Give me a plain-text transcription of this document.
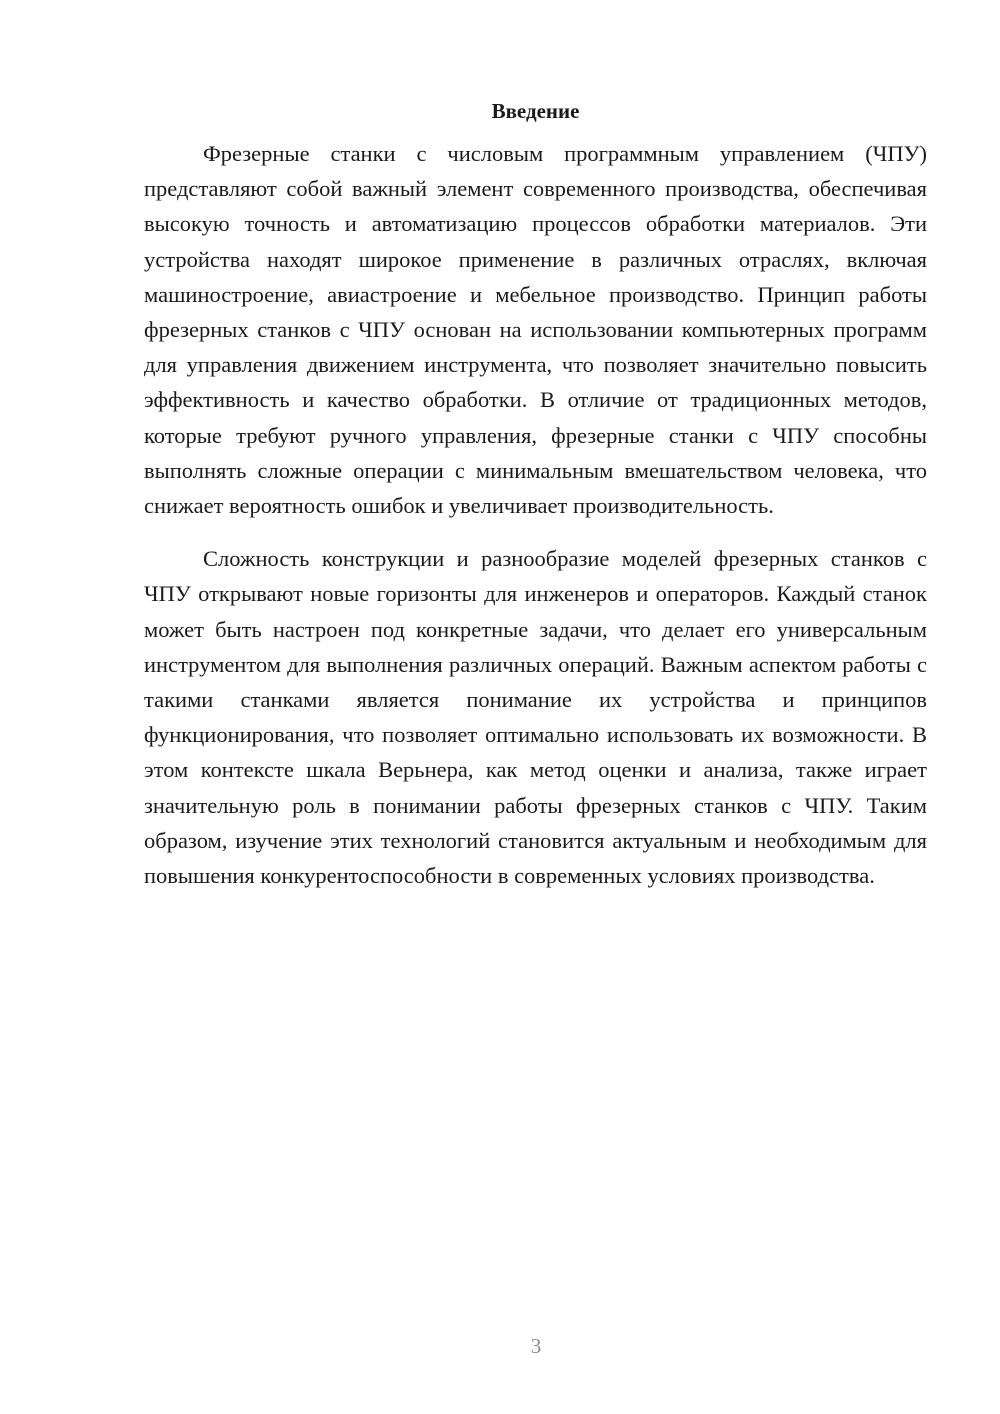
Введение

Фрезерные станки с числовым программным управлением (ЧПУ) представляют собой важный элемент современного производства, обеспечивая высокую точность и автоматизацию процессов обработки материалов. Эти устройства находят широкое применение в различных отраслях, включая машиностроение, авиастроение и мебельное производство. Принцип работы фрезерных станков с ЧПУ основан на использовании компьютерных программ для управления движением инструмента, что позволяет значительно повысить эффективность и качество обработки. В отличие от традиционных методов, которые требуют ручного управления, фрезерные станки с ЧПУ способны выполнять сложные операции с минимальным вмешательством человека, что снижает вероятность ошибок и увеличивает производительность.

Сложность конструкции и разнообразие моделей фрезерных станков с ЧПУ открывают новые горизонты для инженеров и операторов. Каждый станок может быть настроен под конкретные задачи, что делает его универсальным инструментом для выполнения различных операций. Важным аспектом работы с такими станками является понимание их устройства и принципов функционирования, что позволяет оптимально использовать их возможности. В этом контексте шкала Верьнера, как метод оценки и анализа, также играет значительную роль в понимании работы фрезерных станков с ЧПУ. Таким образом, изучение этих технологий становится актуальным и необходимым для повышения конкурентоспособности в современных условиях производства.

3
